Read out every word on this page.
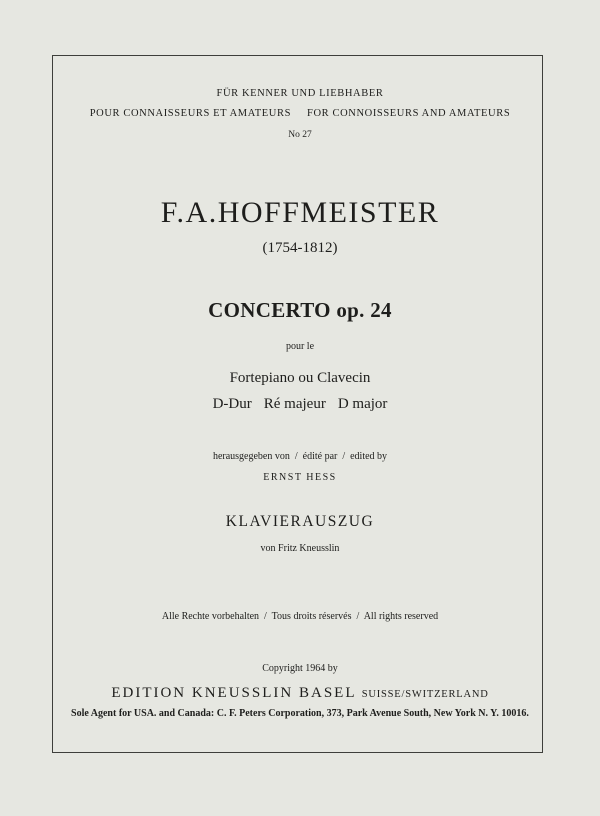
FÜR KENNER UND LIEBHABER
POUR CONNAISSEURS ET AMATEURS FOR CONNOISSEURS AND AMATEURS
No 27
F.A.HOFFMEISTER
(1754-1812)
CONCERTO op. 24
pour le
Fortepiano ou Clavecin
D-Dur Ré majeur D major
herausgegeben von  /  édité par  /  edited by
ERNST HESS
KLAVIERAUSZUG
von Fritz Kneusslin
Alle Rechte vorbehalten  /  Tous droits réservés  /  All rights reserved
Copyright 1964 by
EDITION KNEUSSLIN BASEL SUISSE/SWITZERLAND
Sole Agent for USA. and Canada: C. F. Peters Corporation, 373, Park Avenue South, New York N. Y. 10016.
